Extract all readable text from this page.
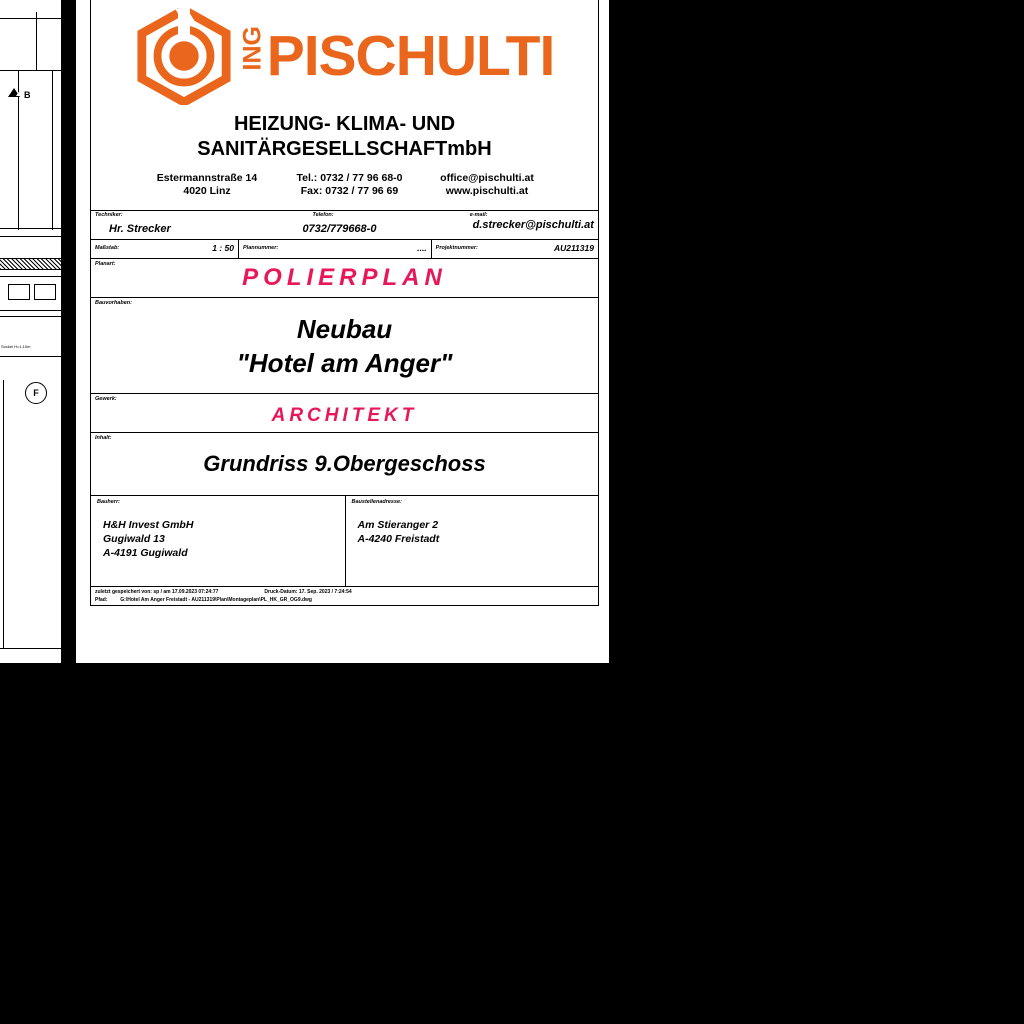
B
Sockel H=1,10m
F
ING PISCHULTI
HEIZUNG- KLIMA- UND
SANITÄRGESELLSCHAFTmbH
Estermannstraße 14	Tel.: 0732 / 77 96 68-0	office@pischulti.at
4020 Linz	Fax: 0732 / 77 96 69	www.pischulti.at
Techniker:
Hr. Strecker
Telefon:
0732/779668-0
e-mail:
d.strecker@pischulti.at
Maßstab:	1 : 50 Plannummer:	.... Projektnummer:	AU211319
Planart:	POLIERPLAN
Bauvorhaben:
Neubau
"Hotel am Anger"
Gewerk:
ARCHITEKT
Inhalt:
Grundriss 9.Obergeschoss
Bauherr:
H&H Invest GmbH
Gugiwald 13
A-4191 Gugiwald
Baustellenadresse:
Am Stieranger 2
A-4240 Freistadt
zuletzt gespeichert von: sp / am 17.09.2023 07:24:77	Druck-Datum: 17. Sep. 2023 / 7:24:54
Pfad:	G:\Hotel Am Anger Freistadt - AU211319\Plan\Montageplan\PL_HK_GR_OG9.dwg
